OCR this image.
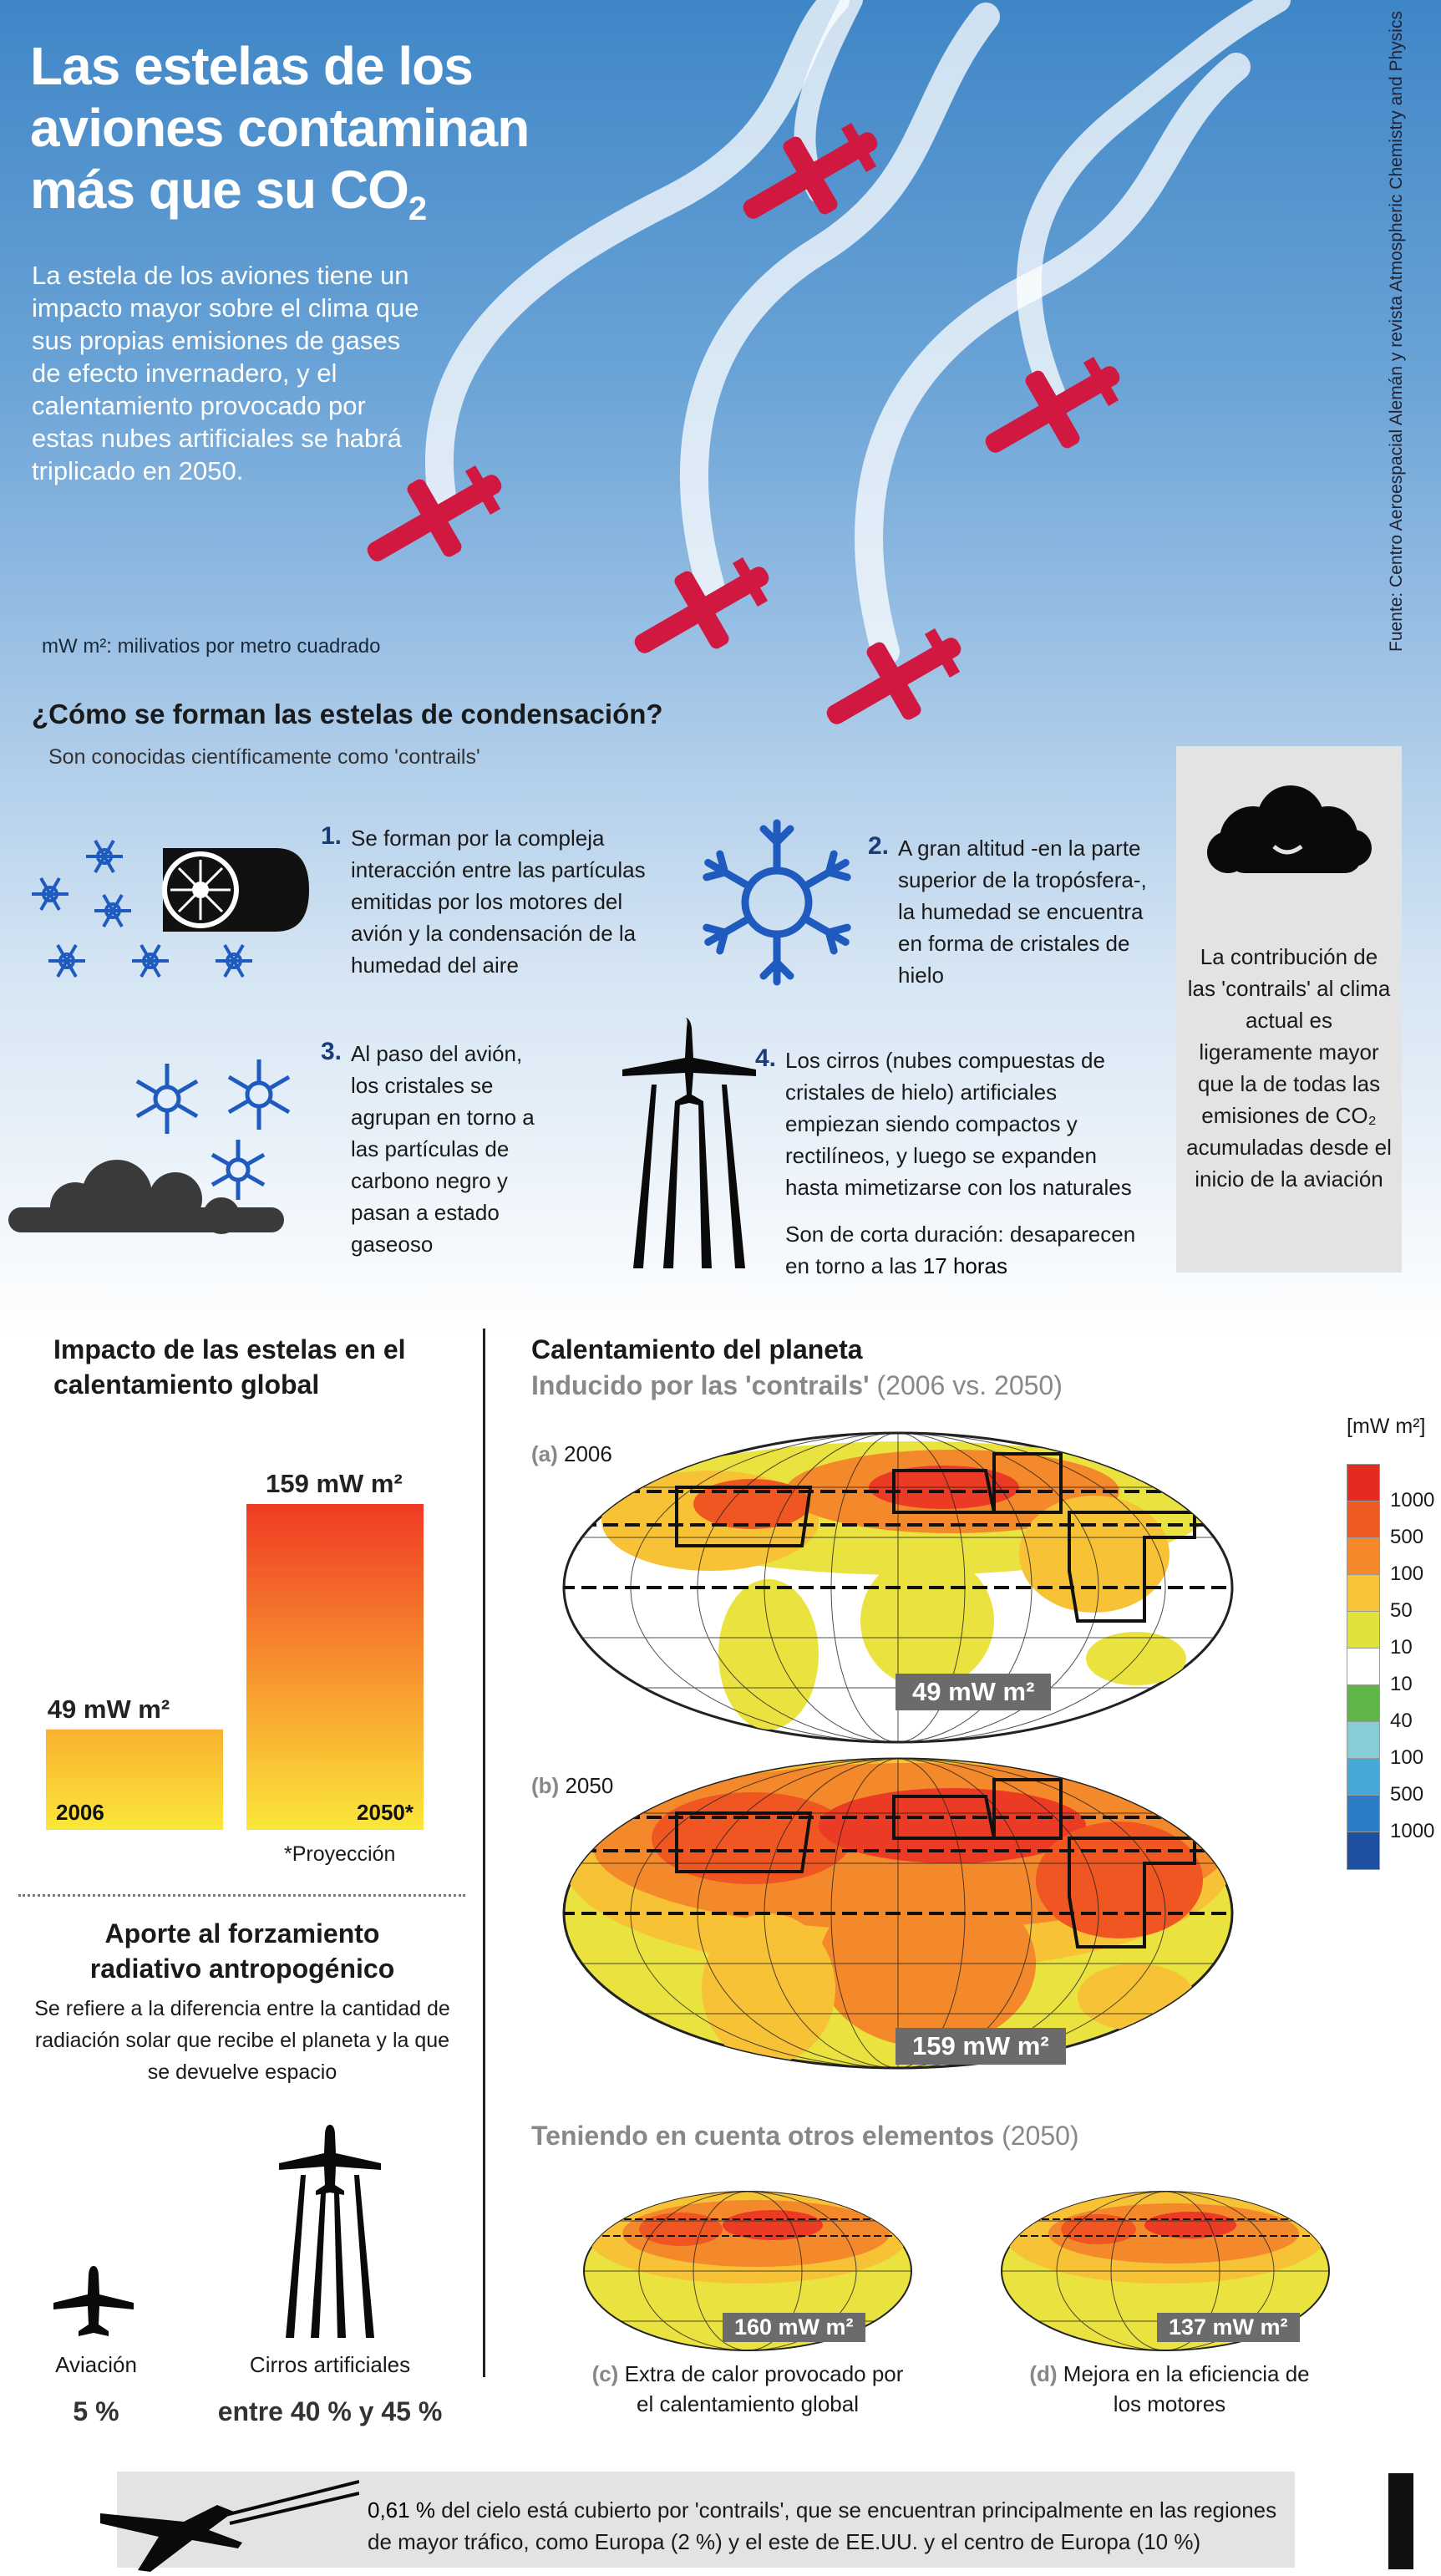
Las estelas de los
aviones contaminan
más que su $CO_2$
La estela de los aviones tiene un impacto mayor sobre el clima que sus propias emisiones de gases de efecto invernadero, y el calentamiento provocado por estas nubes artificiales se habrá triplicado en 2050.
mW m²: milivatios por metro cuadrado	Fuente: Centro Aeroespacial Alemán y revista Atmospheric Chemistry and Physics
¿Cómo se forman las estelas de condensación?
Son conocidas científicamente como 'contrails'
1. Se forman por la compleja interacción entre las partículas emitidas por los motores del avión y la condensación de la humedad del aire
2. A gran altitud -en la parte superior de la tropósfera-, la humedad se encuentra en forma de cristales de hielo
La contribución de las 'contrails' al clima actual es ligeramente mayor que la de todas las emisiones de CO₂ acumuladas desde el inicio de la aviación
3. Al paso del avión, los cristales se agrupan en torno a las partículas de carbono negro y pasan a estado gaseoso
4. Los cirros (nubes compuestas de cristales de hielo) artificiales empiezan siendo compactos y rectilíneos, y luego se expanden hasta mimetizarse con los naturales
Son de corta duración: desaparecen en torno a las 17 horas
Impacto de las estelas en el calentamiento global
49 mW m²
2006
159 mW m²
2050*
*Proyección
Aporte al forzamiento radiativo antropogénico
Se refiere a la diferencia entre la cantidad de radiación solar que recibe el planeta y la que se devuelve espacio
Aviación
5 %
Cirros artificiales
entre 40 % y 45 %
Calentamiento del planeta
Inducido por las 'contrails' (2006 vs. 2050)
(a) 2006
(b) 2050
49 mW m²
159 mW m²
[mW m²]
1000
500
100
50
10
10
40
100
500
1000
Teniendo en cuenta otros elementos (2050)
160 mW m²
(c) Extra de calor provocado por el calentamiento global
137 mW m²
(d) Mejora en la eficiencia de los motores
0,61 % del cielo está cubierto por 'contrails', que se encuentran principalmente en las regiones de mayor tráfico, como Europa (2 %) y el este de EE.UU. y el centro de Europa (10 %)
